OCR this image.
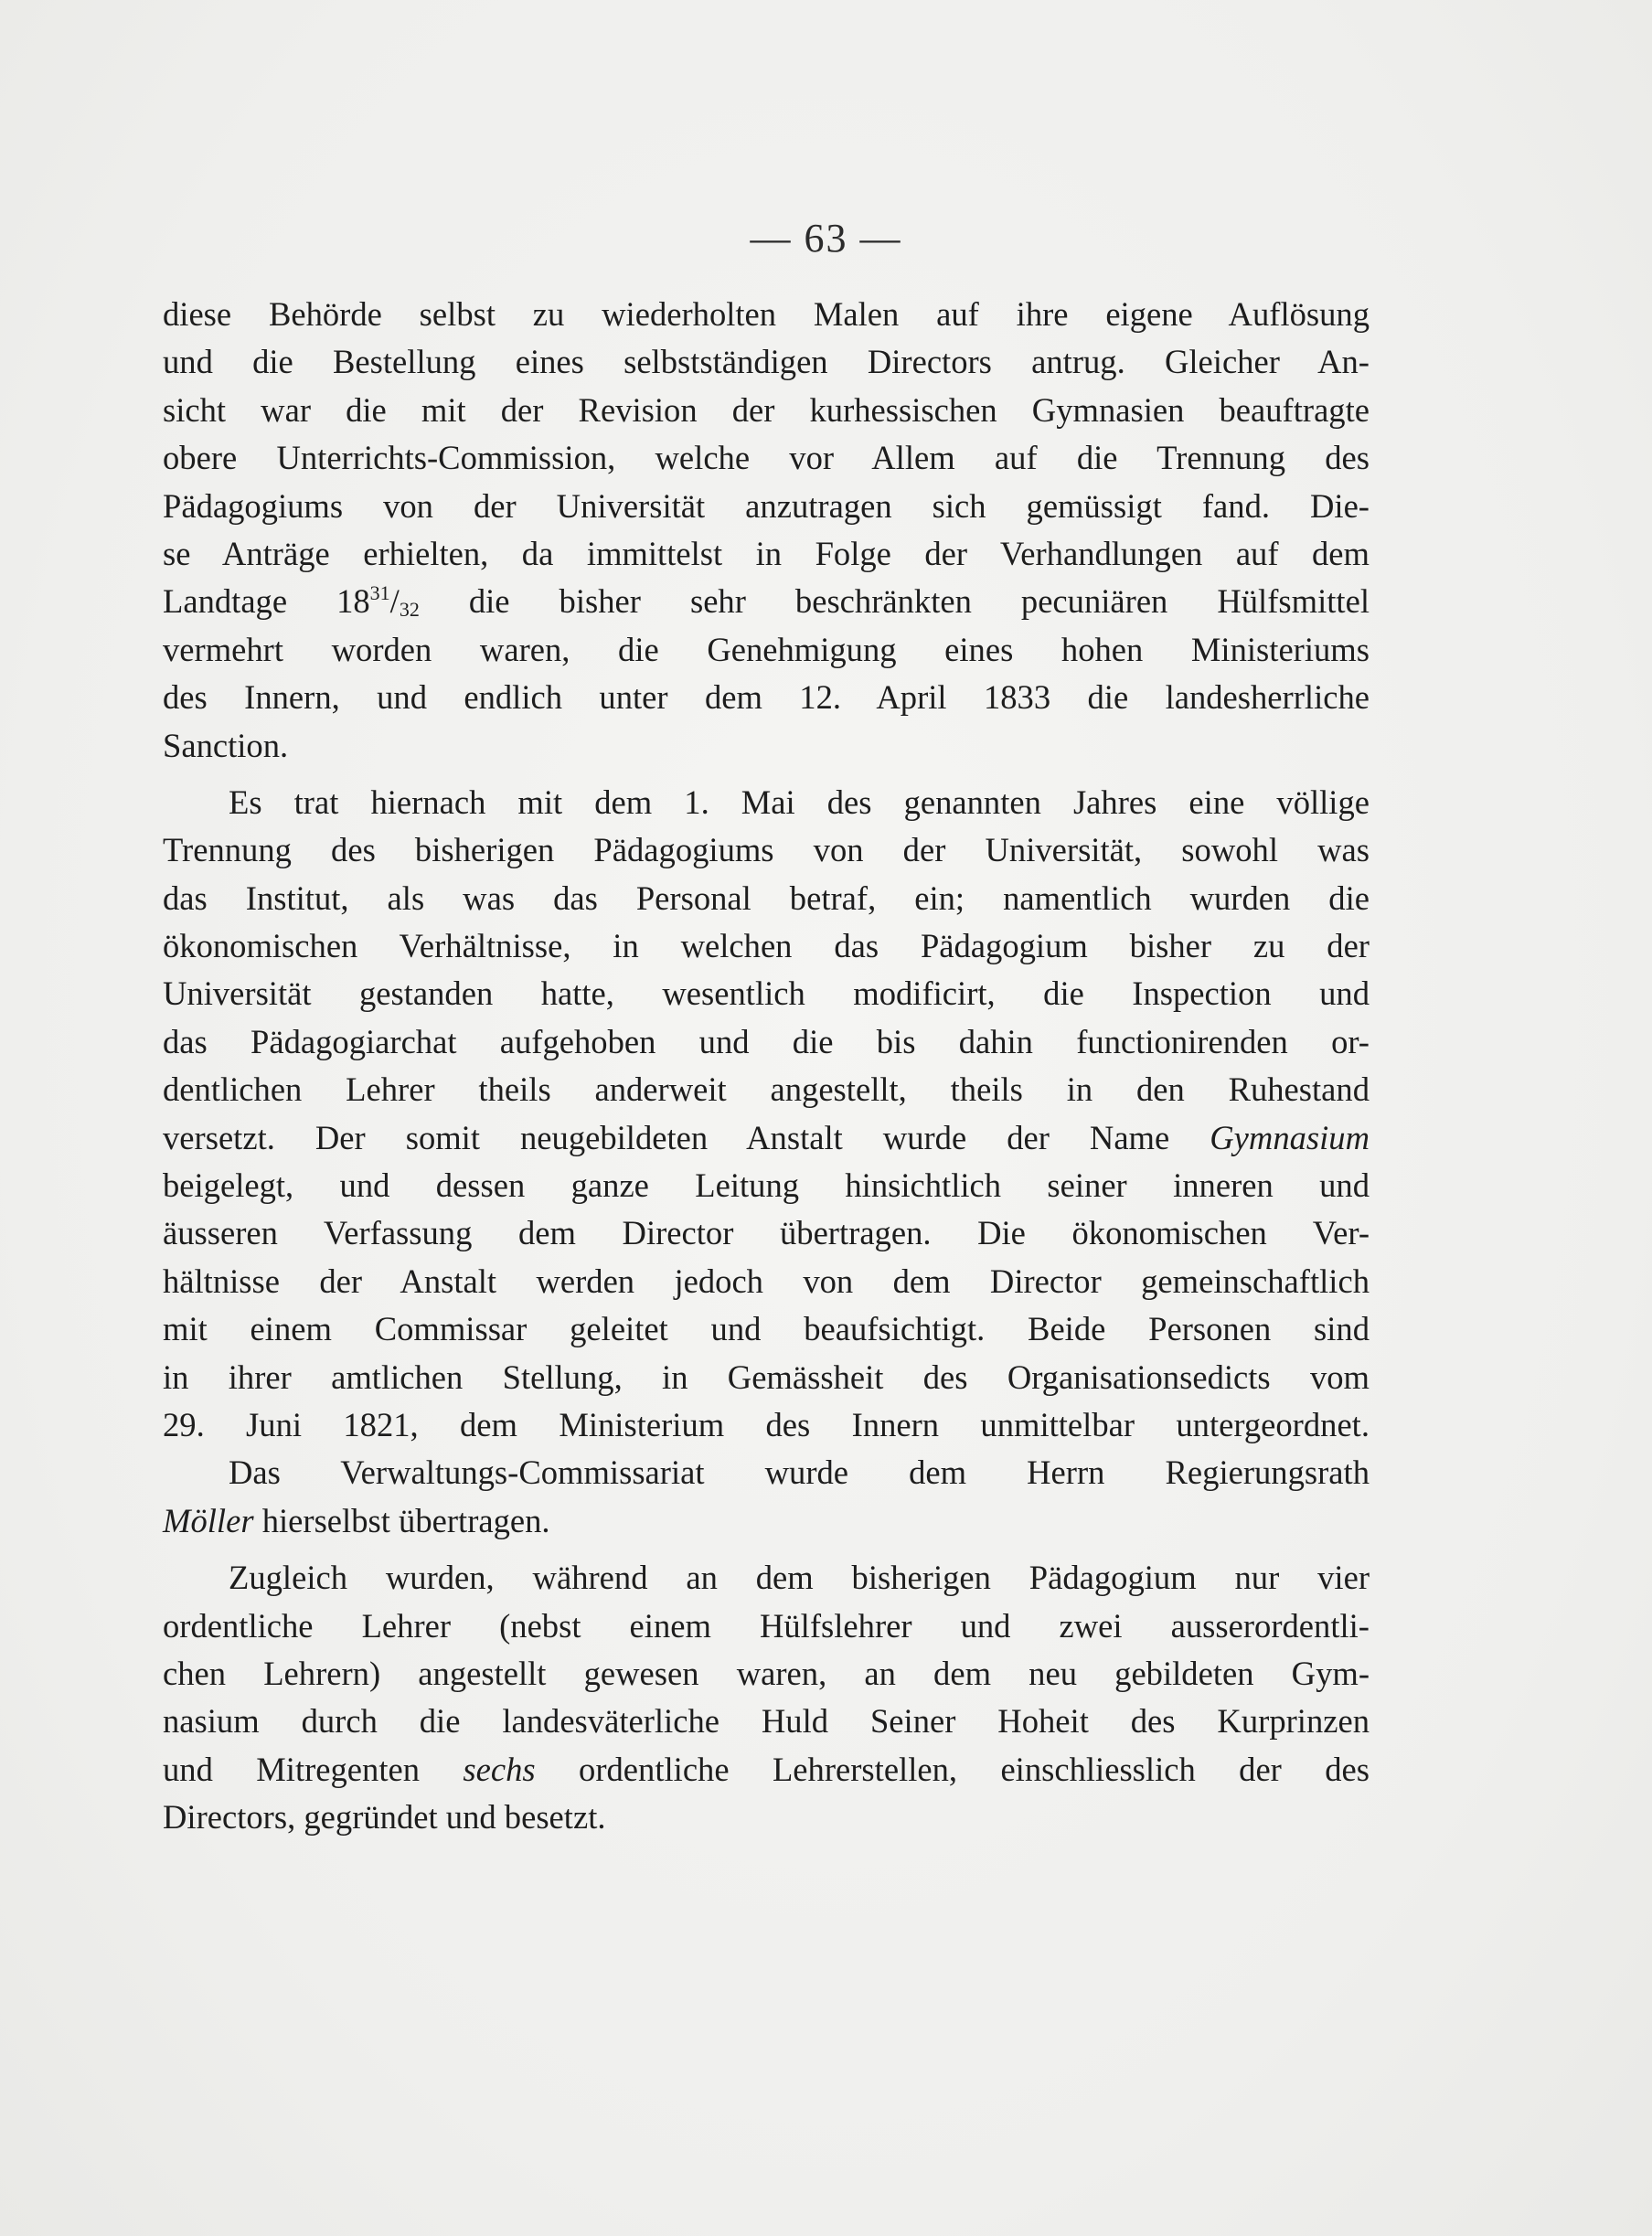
— 63 —
diese Behörde selbst zu wiederholten Malen auf ihre eigene Auflösung
und die Bestellung eines selbstständigen Directors antrug. Gleicher An-
sicht war die mit der Revision der kurhessischen Gymnasien beauftragte
obere Unterrichts-Commission, welche vor Allem auf die Trennung des
Pädagogiums von der Universität anzutragen sich gemüssigt fand. Die-
se Anträge erhielten, da immittelst in Folge der Verhandlungen auf dem
Landtage $18^{31}/_{32}$ die bisher sehr beschränkten pecuniären Hülfsmittel
vermehrt worden waren, die Genehmigung eines hohen Ministeriums
des Innern, und endlich unter dem 12. April 1833 die landesherrliche
Sanction.
Es trat hiernach mit dem 1. Mai des genannten Jahres eine völlige
Trennung des bisherigen Pädagogiums von der Universität, sowohl was
das Institut, als was das Personal betraf, ein; namentlich wurden die
ökonomischen Verhältnisse, in welchen das Pädagogium bisher zu der
Universität gestanden hatte, wesentlich modificirt, die Inspection und
das Pädagogiarchat aufgehoben und die bis dahin functionirenden or-
dentlichen Lehrer theils anderweit angestellt, theils in den Ruhestand
versetzt. Der somit neugebildeten Anstalt wurde der Name Gymnasium
beigelegt, und dessen ganze Leitung hinsichtlich seiner inneren und
äusseren Verfassung dem Director übertragen. Die ökonomischen Ver-
hältnisse der Anstalt werden jedoch von dem Director gemeinschaftlich
mit einem Commissar geleitet und beaufsichtigt. Beide Personen sind
in ihrer amtlichen Stellung, in Gemässheit des Organisationsedicts vom
29. Juni 1821, dem Ministerium des Innern unmittelbar untergeordnet.
Das Verwaltungs-Commissariat wurde dem Herrn Regierungsrath
Möller hierselbst übertragen.
Zugleich wurden, während an dem bisherigen Pädagogium nur vier
ordentliche Lehrer (nebst einem Hülfslehrer und zwei ausserordentli-
chen Lehrern) angestellt gewesen waren, an dem neu gebildeten Gym-
nasium durch die landesväterliche Huld Seiner Hoheit des Kurprinzen
und Mitregenten sechs ordentliche Lehrerstellen, einschliesslich der des
Directors, gegründet und besetzt.
